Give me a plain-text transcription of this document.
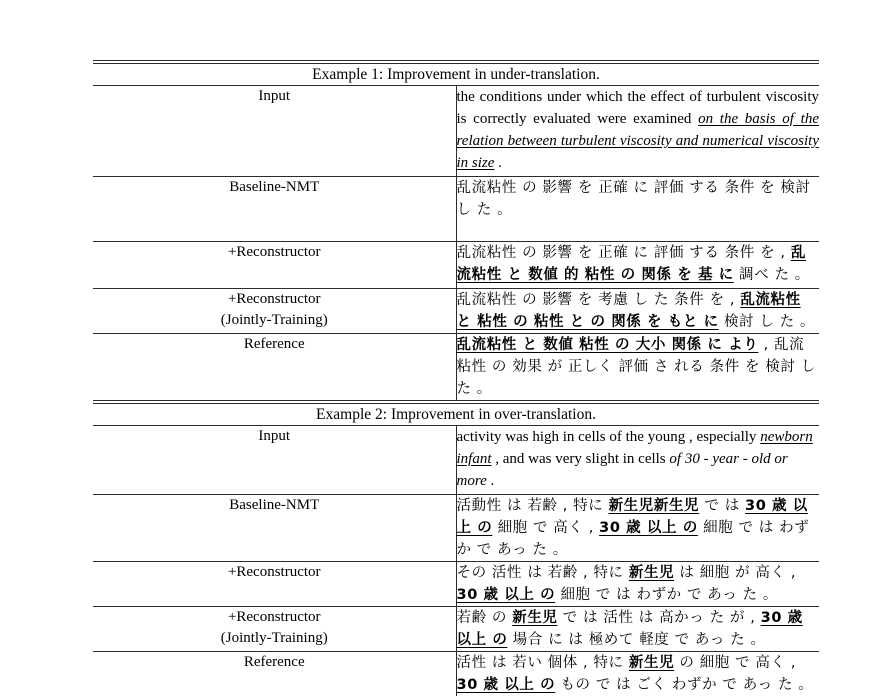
Example 1: Improvement in under-translation.	

Input	the conditions under which the effect of turbulent viscosity is correctly evaluated were examined on the basis of the relation between turbulent viscosity and numerical viscosity in size .

Baseline-NMT	乱流粘性 の 影響 を 正確 に 評価 する 条件 を 検討 し た 。

+Reconstructor	乱流粘性 の 影響 を 正確 に 評価 する 条件 を , 乱流粘性 と 数値 的 粘性 の 関係 を 基 に 調べ た 。

+Reconstructor
(Jointly-Training)	乱流粘性 の 影響 を 考慮 し た 条件 を , 乱流粘性 と 粘性 の 粘性 と の 関係 を もと に 検討 し た 。

Reference	乱流粘性 と 数値 粘性 の 大小 関係 に より , 乱流粘性 の 効果 が 正しく 評価 さ れる 条件 を 検討 し た 。

Example 2: Improvement in over-translation.	

Input	activity was high in cells of the young , especially newborn infant , and was very slight in cells of 30 - year - old or more .

Baseline-NMT	活動性 は 若齢 , 特に 新生児新生児 で は 30 歳 以上 の 細胞 で 高く , 30 歳 以上 の 細胞 で は わずか で あっ た 。

+Reconstructor	その 活性 は 若齢 , 特に 新生児 は 細胞 が 高く , 30 歳 以上 の 細胞 で は わずか で あっ た 。

+Reconstructor
(Jointly-Training)	若齢 の 新生児 で は 活性 は 高かっ た が , 30 歳 以上 の 場合 に は 極めて 軽度 で あっ た 。

Reference	活性 は 若い 個体 , 特に 新生児 の 細胞 で 高く , 30 歳 以上 の もの で は ごく わずか で あっ た 。
